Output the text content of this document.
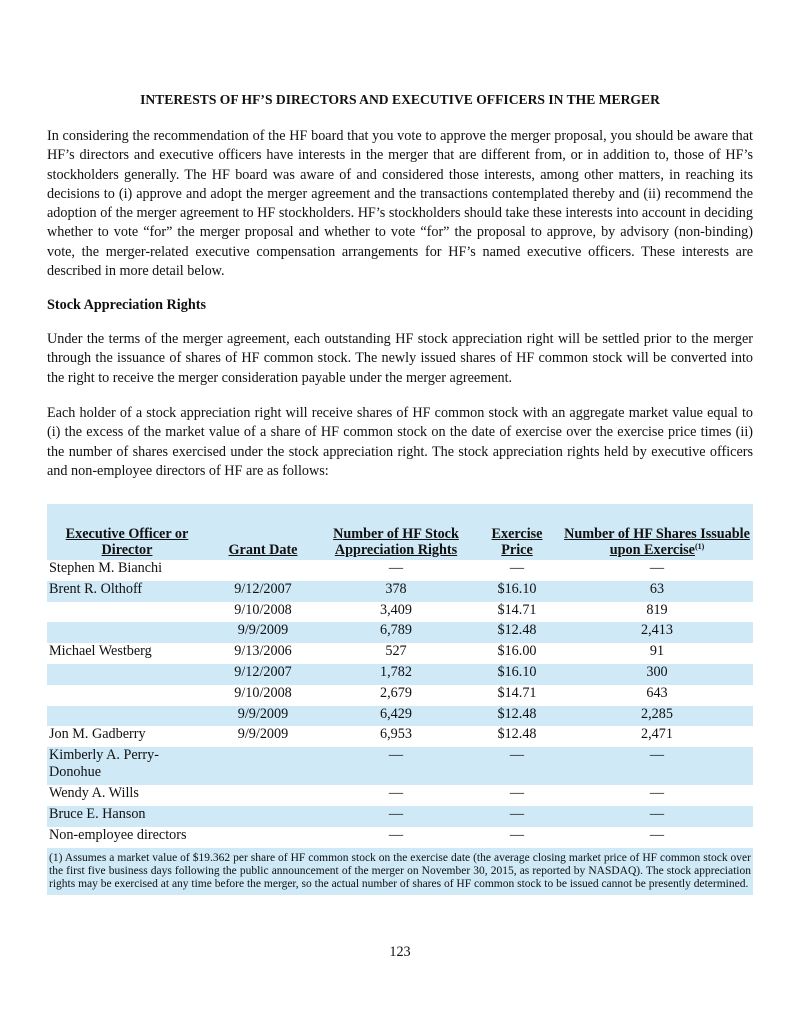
INTERESTS OF HF’S DIRECTORS AND EXECUTIVE OFFICERS IN THE MERGER

In considering the recommendation of the HF board that you vote to approve the merger proposal, you should be aware that HF’s directors and executive officers have interests in the merger that are different from, or in addition to, those of HF’s stockholders generally. The HF board was aware of and considered those interests, among other matters, in reaching its decisions to (i) approve and adopt the merger agreement and the transactions contemplated thereby and (ii) recommend the adoption of the merger agreement to HF stockholders. HF’s stockholders should take these interests into account in deciding whether to vote “for” the merger proposal and whether to vote “for” the proposal to approve, by advisory (non-binding) vote, the merger-related executive compensation arrangements for HF’s named executive officers. These interests are described in more detail below.

Stock Appreciation Rights

Under the terms of the merger agreement, each outstanding HF stock appreciation right will be settled prior to the merger through the issuance of shares of HF common stock. The newly issued shares of HF common stock will be converted into the right to receive the merger consideration payable under the merger agreement.

Each holder of a stock appreciation right will receive shares of HF common stock with an aggregate market value equal to (i) the excess of the market value of a share of HF common stock on the date of exercise over the exercise price times (ii) the number of shares exercised under the stock appreciation right. The stock appreciation rights held by executive officers and non-employee directors of HF are as follows:

Executive Officer or Director	Grant Date	Number of HF Stock Appreciation Rights	Exercise Price	Number of HF Shares Issuable upon Exercise$^{(1)}$
Stephen M. Bianchi		—	—	—
Brent R. Olthoff	9/12/2007	378	$16.10	63
	9/10/2008	3,409	$14.71	819
	9/9/2009	6,789	$12.48	2,413
Michael Westberg	9/13/2006	527	$16.00	91
	9/12/2007	1,782	$16.10	300
	9/10/2008	2,679	$14.71	643
	9/9/2009	6,429	$12.48	2,285
Jon M. Gadberry	9/9/2009	6,953	$12.48	2,471
Kimberly A. Perry-Donohue		—	—	—
Wendy A. Wills		—	—	—
Bruce E. Hanson		—	—	—
Non-employee directors		—	—	—
(1) Assumes a market value of $19.362 per share of HF common stock on the exercise date (the average closing market price of HF common stock over the first five business days following the public announcement of the merger on November 30, 2015, as reported by NASDAQ). The stock appreciation rights may be exercised at any time before the merger, so the actual number of shares of HF common stock to be issued cannot be presently determined.				
123
